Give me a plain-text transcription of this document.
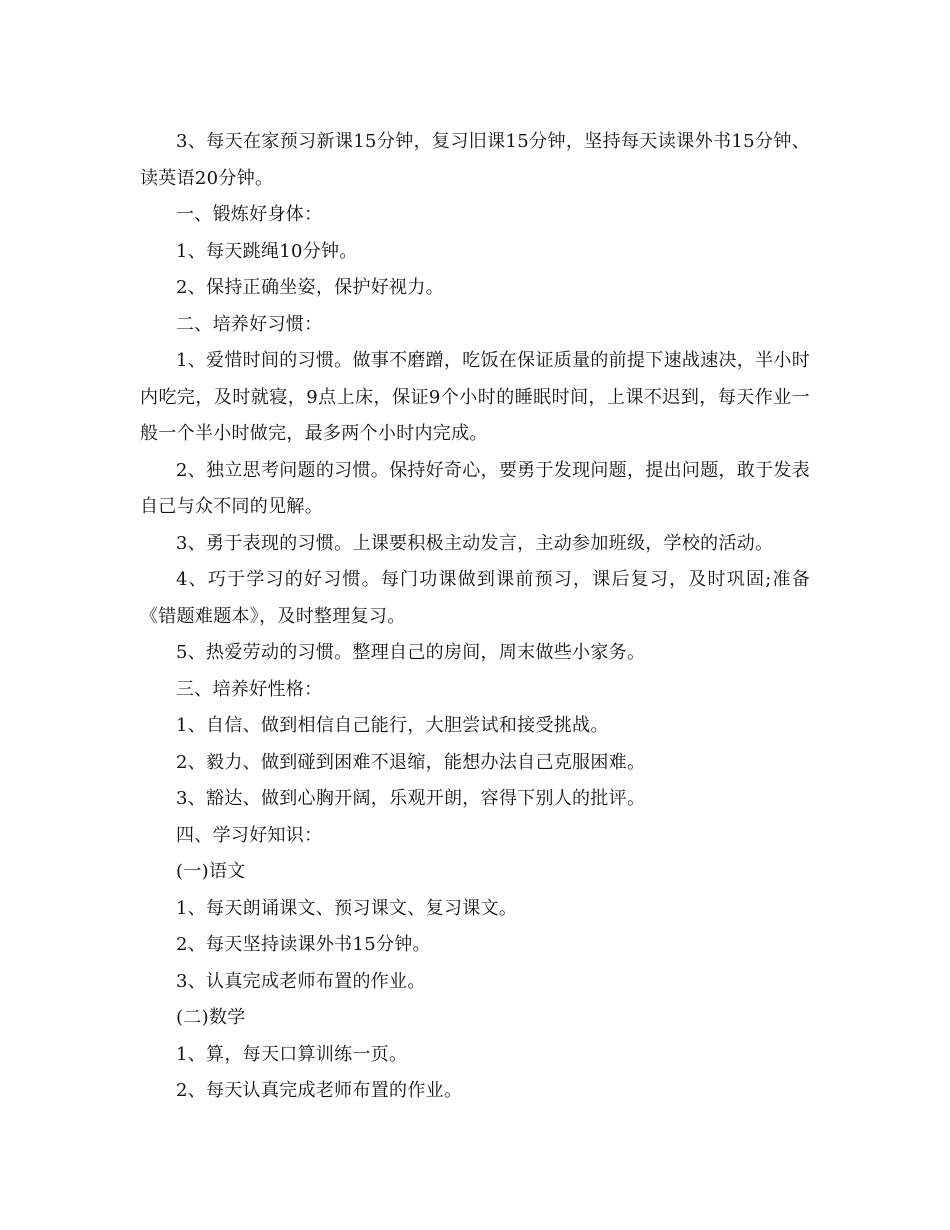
3、每天在家预习新课15分钟，复习旧课15分钟，坚持每天读课外书15分钟、读英语20分钟。

一、锻炼好身体：

1、每天跳绳10分钟。

2、保持正确坐姿，保护好视力。

二、培养好习惯：

1、爱惜时间的习惯。做事不磨蹭，吃饭在保证质量的前提下速战速决，半小时内吃完，及时就寝，9点上床，保证9个小时的睡眠时间，上课不迟到，每天作业一般一个半小时做完，最多两个小时内完成。

2、独立思考问题的习惯。保持好奇心，要勇于发现问题，提出问题，敢于发表自己与众不同的见解。

3、勇于表现的习惯。上课要积极主动发言，主动参加班级，学校的活动。

4、巧于学习的好习惯。每门功课做到课前预习，课后复习，及时巩固;准备《错题难题本》，及时整理复习。

5、热爱劳动的习惯。整理自己的房间，周末做些小家务。

三、培养好性格：

1、自信、做到相信自己能行，大胆尝试和接受挑战。

2、毅力、做到碰到困难不退缩，能想办法自己克服困难。

3、豁达、做到心胸开阔，乐观开朗，容得下别人的批评。

四、学习好知识：

(一)语文

1、每天朗诵课文、预习课文、复习课文。

2、每天坚持读课外书15分钟。

3、认真完成老师布置的作业。

(二)数学

1、算，每天口算训练一页。

2、每天认真完成老师布置的作业。
